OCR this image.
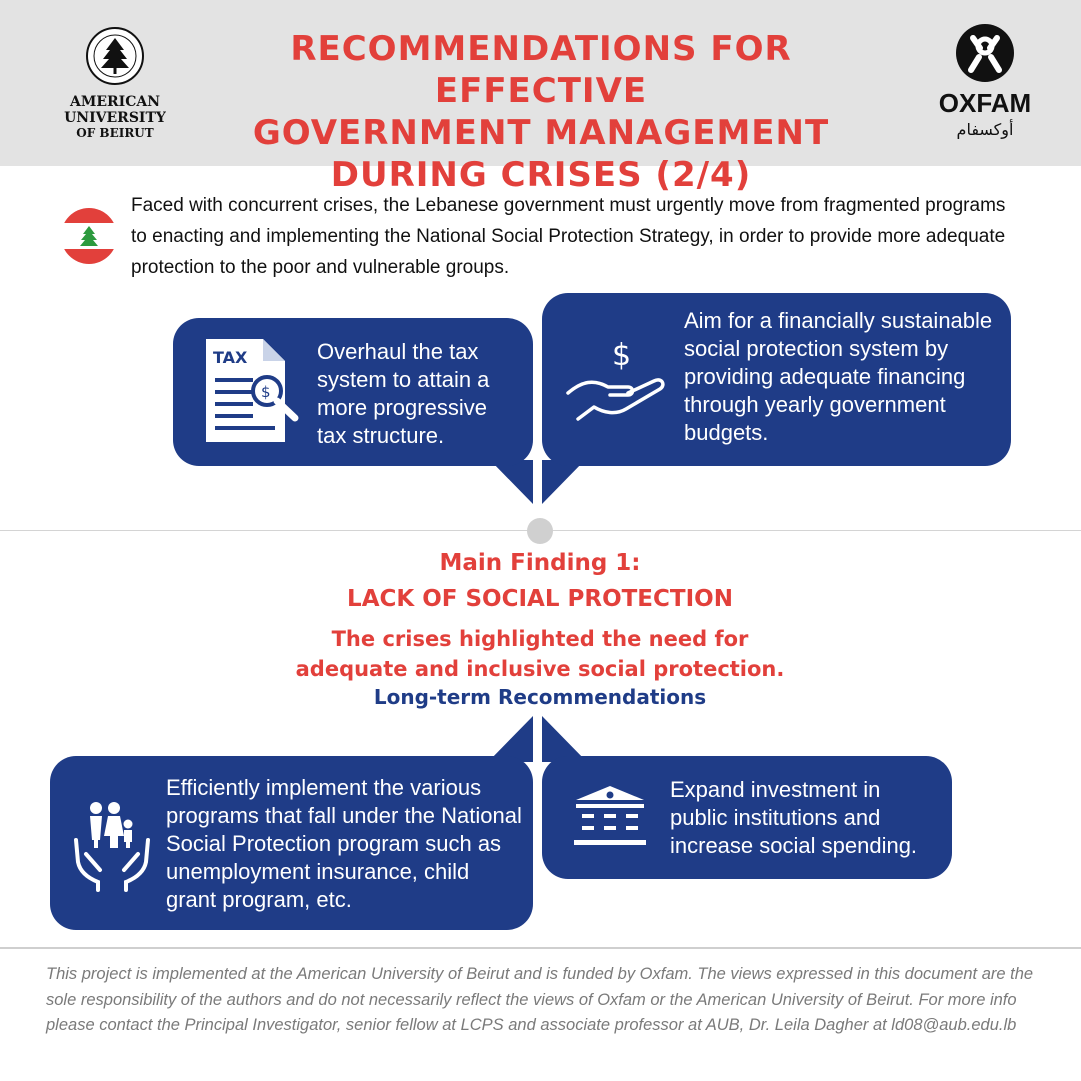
AMERICAN
UNIVERSITY
OF BEIRUT
RECOMMENDATIONS FOR EFFECTIVE
GOVERNMENT MANAGEMENT
DURING CRISES (2/4)
OXFAM
أوكسفام

Faced with concurrent crises, the Lebanese government must urgently move from fragmented programs to enacting and implementing the National Social Protection Strategy, in order to provide more adequate protection to the poor and vulnerable groups.

TAX
$

Overhaul the tax system to attain a more progressive tax structure.

$

Aim for a financially sustainable social protection system by providing adequate financing through yearly government budgets.

Main Finding 1:

LACK OF SOCIAL PROTECTION

The crises highlighted the need for
adequate and inclusive social protection.

Long-term Recommendations

Efficiently implement the various programs that fall under the National Social Protection program such as unemployment insurance, child grant program, etc.

Expand investment in public institutions and increase social spending.

This project is implemented at the American University of Beirut and is funded by Oxfam. The views expressed in this document are the sole responsibility of the authors and do not necessarily reflect the views of Oxfam or the American University of Beirut. For more info please contact the Principal Investigator, senior fellow at LCPS and associate professor at AUB, Dr. Leila Dagher at ld08@aub.edu.lb
